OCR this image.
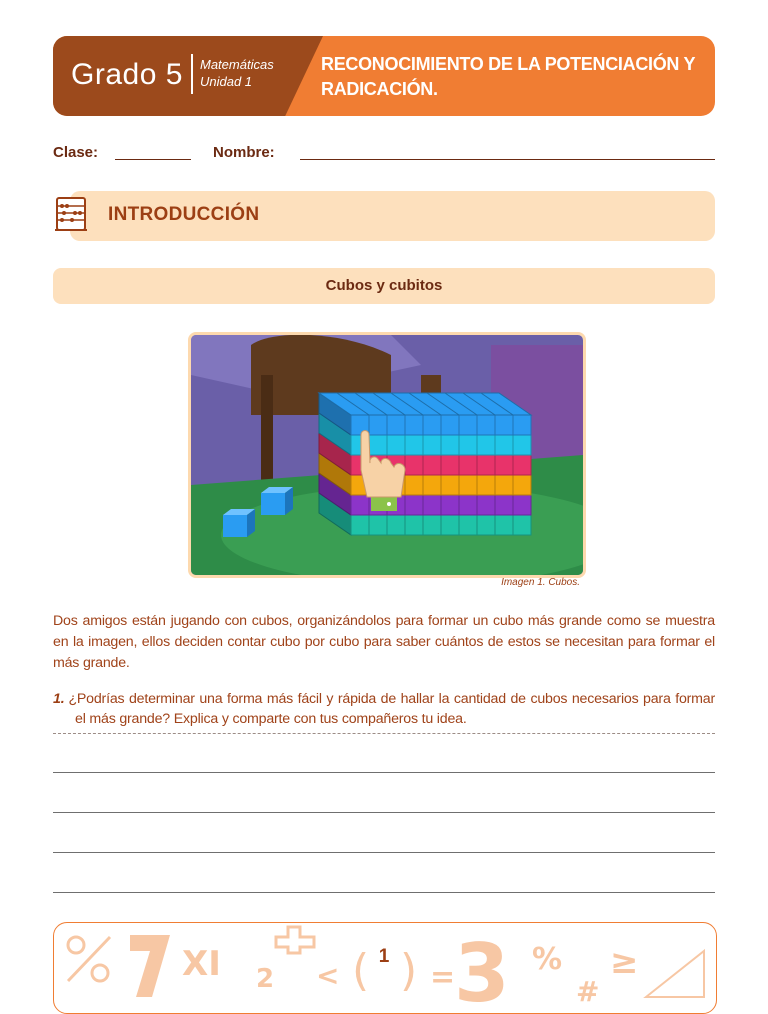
Grado 5 Matemáticas
Unidad 1
RECONOCIMIENTO DE LA POTENCIACIÓN Y RADICACIÓN.
Clase:	Nombre:
INTRODUCCIÓN
Cubos y cubitos
Imagen 1. Cubos.
Dos amigos están jugando con cubos, organizándolos para formar un cubo más grande como se muestra en la imagen, ellos deciden contar cubo por cubo para saber cuántos de estos se necesitan para formar el más grande.
1. ¿Podrías determinar una forma más fácil y rápida de hallar la cantidad de cubos necesarios para formar el más grande? Explica y comparte con tus compañeros tu idea.
XI 2 < ( ) =
3 %
#
≥
1
